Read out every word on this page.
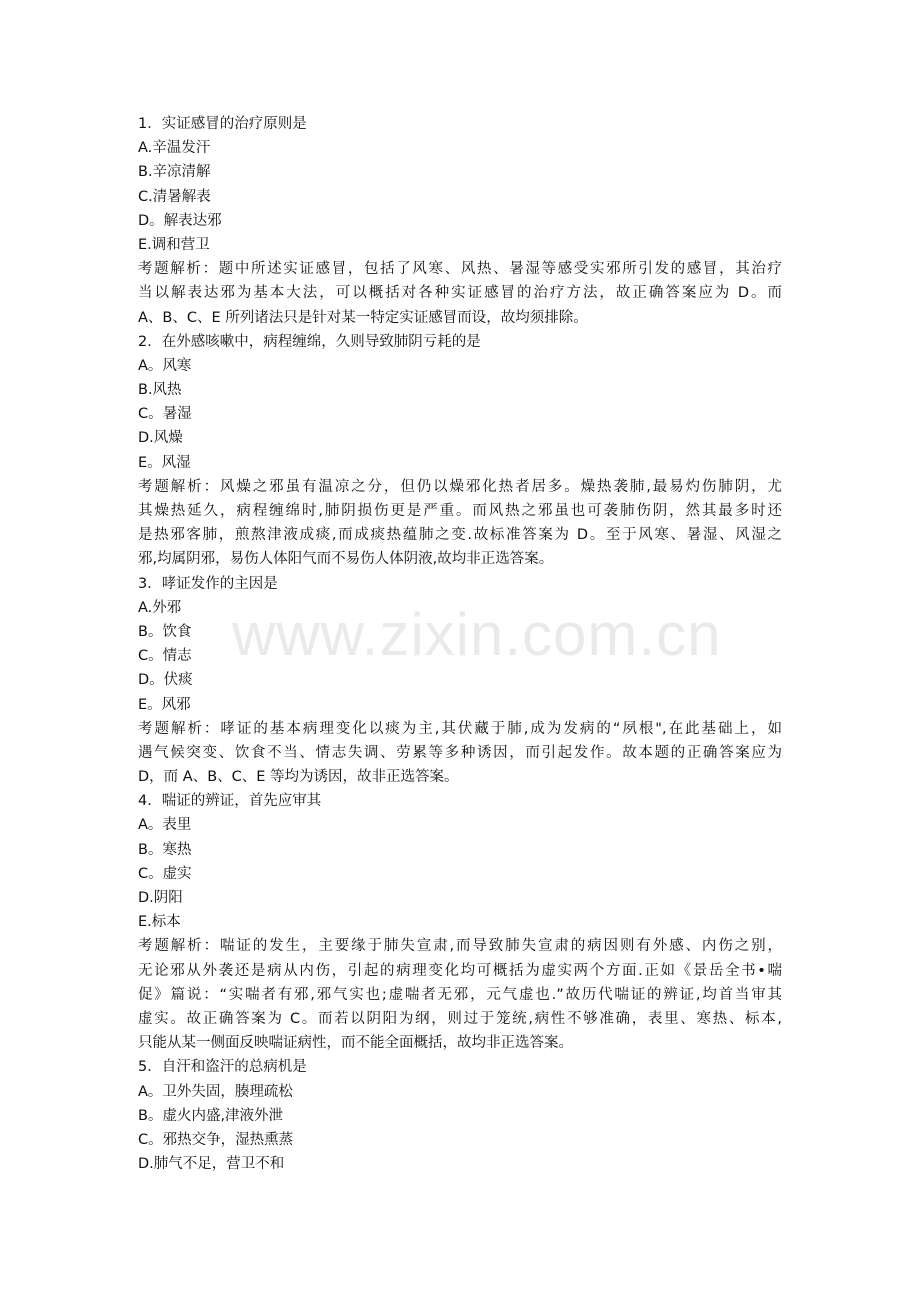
www.zixin.com.cn
1．实证感冒的治疗原则是
A.辛温发汗
B.辛凉清解
C.清暑解表
D。解表达邪
E.调和营卫
考题解析：题中所述实证感冒，包括了风寒、风热、暑湿等感受实邪所引发的感冒，其治疗
当以解表达邪为基本大法，可以概括对各种实证感冒的治疗方法，故正确答案应为 D。而
A、B、C、E 所列诸法只是针对某一特定实证感冒而设，故均须排除。
2．在外感咳嗽中，病程缠绵，久则导致肺阴亏耗的是
A。风寒
B.风热
C。暑湿
D.风燥
E。风湿
考题解析：风燥之邪虽有温凉之分，但仍以燥邪化热者居多。燥热袭肺,最易灼伤肺阴，尤
其燥热延久，病程缠绵时,肺阴损伤更是严重。而风热之邪虽也可袭肺伤阴，然其最多时还
是热邪客肺，煎熬津液成痰,而成痰热蕴肺之变.故标准答案为 D。至于风寒、暑湿、风湿之
邪,均属阴邪，易伤人体阳气而不易伤人体阴液,故均非正选答案。
3．哮证发作的主因是
A.外邪
B。饮食
C。情志
D。伏痰
E。风邪
考题解析：哮证的基本病理变化以痰为主,其伏藏于肺,成为发病的“夙根",在此基础上，如
遇气候突变、饮食不当、情志失调、劳累等多种诱因，而引起发作。故本题的正确答案应为
D，而 A、B、C、E 等均为诱因，故非正选答案。
4．喘证的辨证，首先应审其
A。表里
B。寒热
C。虚实
D.阴阳
E.标本
考题解析：喘证的发生，主要缘于肺失宣肃,而导致肺失宣肃的病因则有外感、内伤之别，
无论邪从外袭还是病从内伤，引起的病理变化均可概括为虚实两个方面.正如《景岳全书•喘
促》篇说：“实喘者有邪,邪气实也;虚喘者无邪，元气虚也.”故历代喘证的辨证,均首当审其
虚实。故正确答案为 C。而若以阴阳为纲，则过于笼统,病性不够准确，表里、寒热、标本,
只能从某一侧面反映喘证病性，而不能全面概括，故均非正选答案。
5．自汗和盗汗的总病机是
A。卫外失固，腠理疏松
B。虚火内盛,津液外泄
C。邪热交争，湿热熏蒸
D.肺气不足，营卫不和
